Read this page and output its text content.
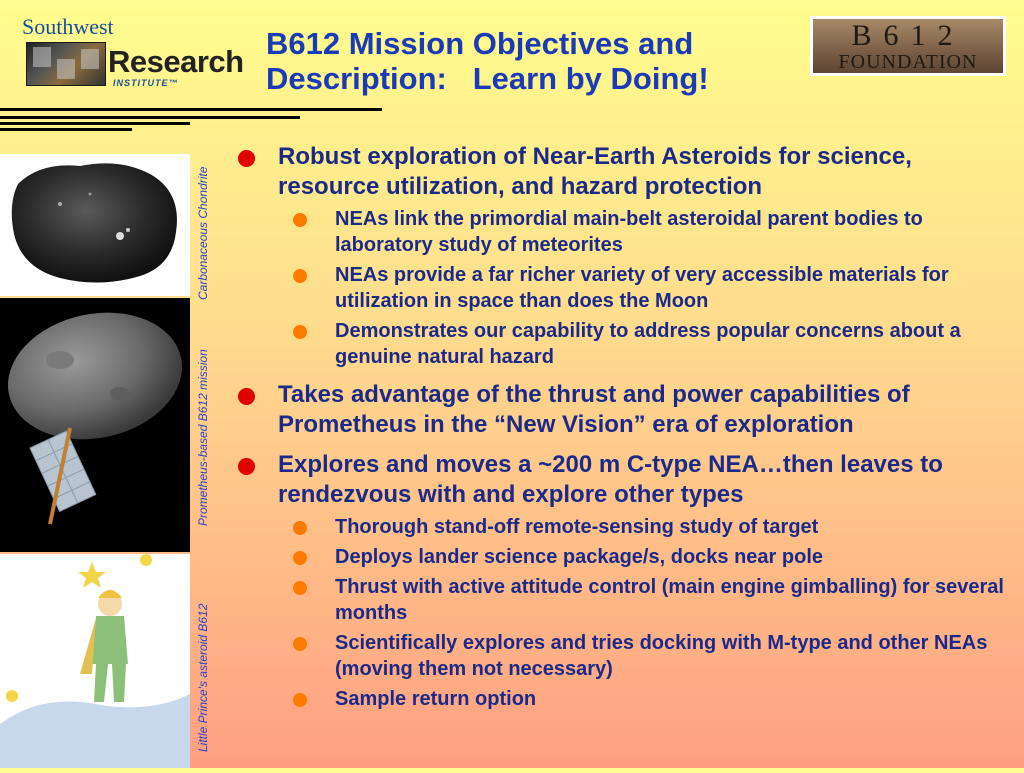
Southwest
Research
INSTITUTE™
B612 Mission Objectives and
Description:   Learn by Doing!
B612
FOUNDATION
Carbonaceous Chondrite
Prometheus-based B612 mission
Little Prince's asteroid B612
Robust exploration of Near-Earth Asteroids for science, resource utilization, and hazard protection
NEAs link the primordial main-belt asteroidal parent bodies to laboratory study of meteorites
NEAs provide a far richer variety of very accessible materials for utilization in space than does the Moon
Demonstrates our capability to address popular concerns about a genuine natural hazard
Takes advantage of the thrust and power capabilities of Prometheus in the “New Vision” era of exploration
Explores and moves a ~200 m C-type NEA…then leaves to rendezvous with and explore other types
Thorough stand-off remote-sensing study of target
Deploys lander science package/s, docks near pole
Thrust with active attitude control (main engine gimballing) for several months
Scientifically explores and tries docking with M-type and other NEAs (moving them not necessary)
Sample return option
